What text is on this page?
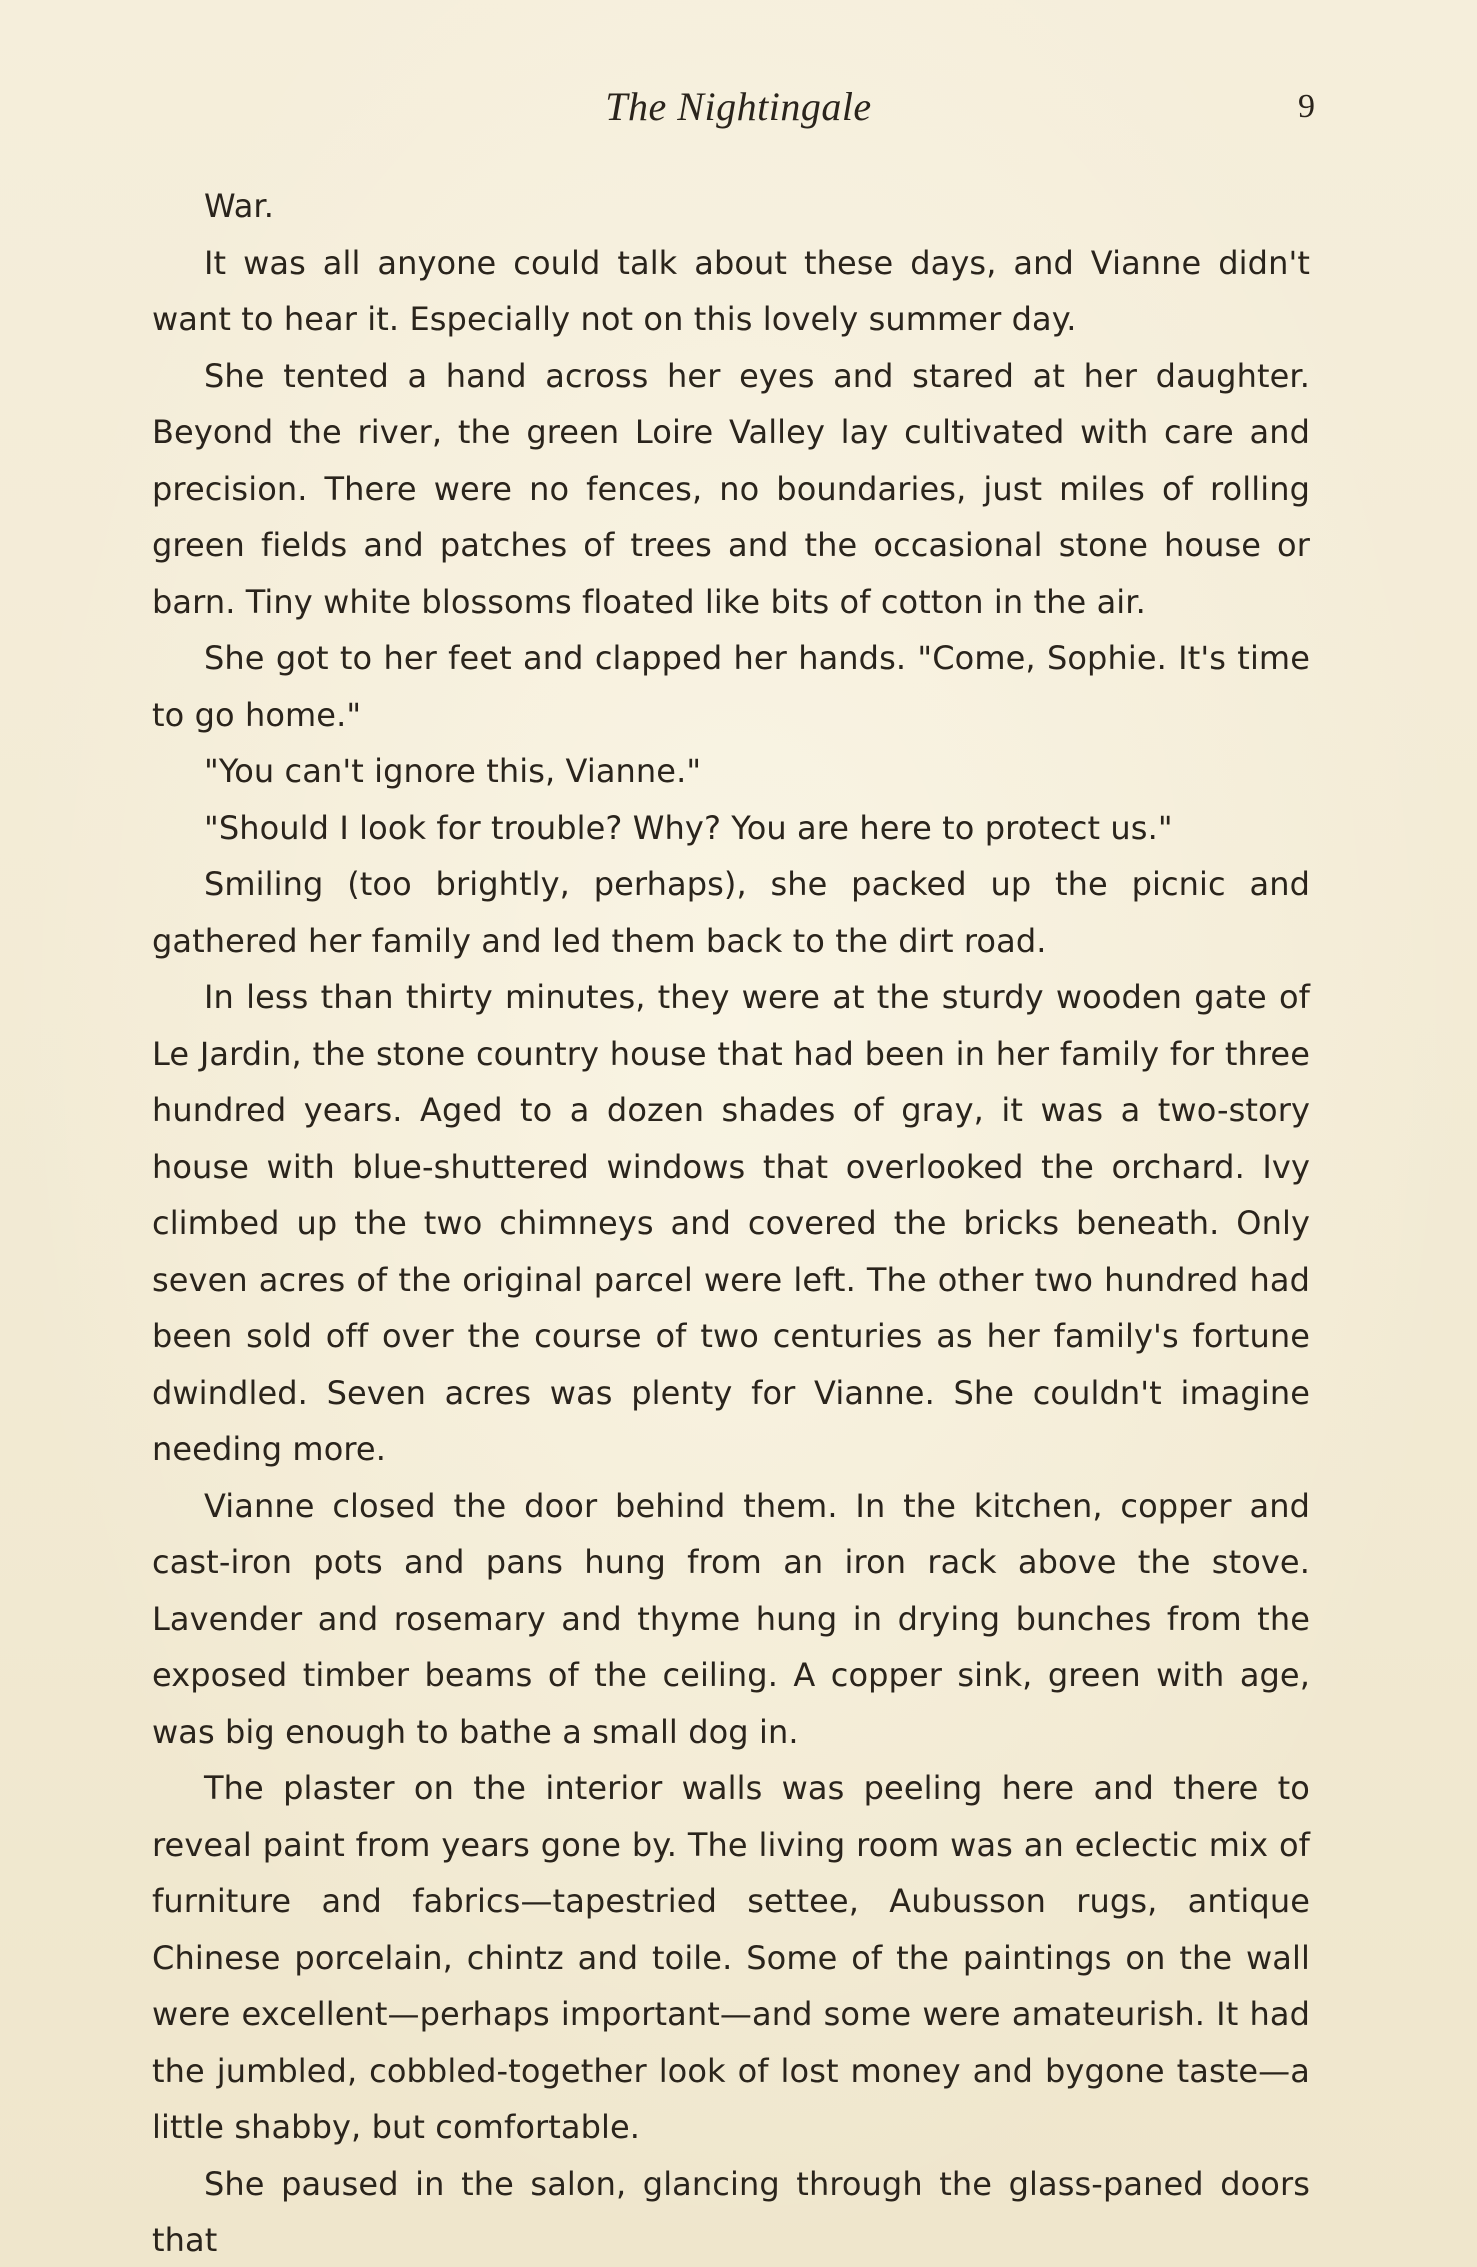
The Nightingale	9

War.

It was all anyone could talk about these days, and Vianne didn't want to hear it. Especially not on this lovely summer day.

She tented a hand across her eyes and stared at her daughter. Beyond the river, the green Loire Valley lay cultivated with care and precision. There were no fences, no boundaries, just miles of rolling green fields and patches of trees and the occasional stone house or barn. Tiny white blossoms floated like bits of cotton in the air.

She got to her feet and clapped her hands. "Come, Sophie. It's time to go home."

"You can't ignore this, Vianne."

"Should I look for trouble? Why? You are here to protect us."

Smiling (too brightly, perhaps), she packed up the picnic and gathered her family and led them back to the dirt road.

In less than thirty minutes, they were at the sturdy wooden gate of Le Jardin, the stone country house that had been in her family for three hundred years. Aged to a dozen shades of gray, it was a two-story house with blue-shuttered windows that overlooked the orchard. Ivy climbed up the two chimneys and covered the bricks beneath. Only seven acres of the original parcel were left. The other two hundred had been sold off over the course of two centuries as her family's fortune dwindled. Seven acres was plenty for Vianne. She couldn't imagine needing more.

Vianne closed the door behind them. In the kitchen, copper and cast-iron pots and pans hung from an iron rack above the stove. Lavender and rosemary and thyme hung in drying bunches from the exposed timber beams of the ceiling. A copper sink, green with age, was big enough to bathe a small dog in.

The plaster on the interior walls was peeling here and there to reveal paint from years gone by. The living room was an eclectic mix of furniture and fabrics—tapestried settee, Aubusson rugs, antique Chinese porcelain, chintz and toile. Some of the paintings on the wall were excellent—perhaps important—and some were amateurish. It had the jumbled, cobbled-together look of lost money and bygone taste—a little shabby, but comfortable.

She paused in the salon, glancing through the glass-paned doors that
